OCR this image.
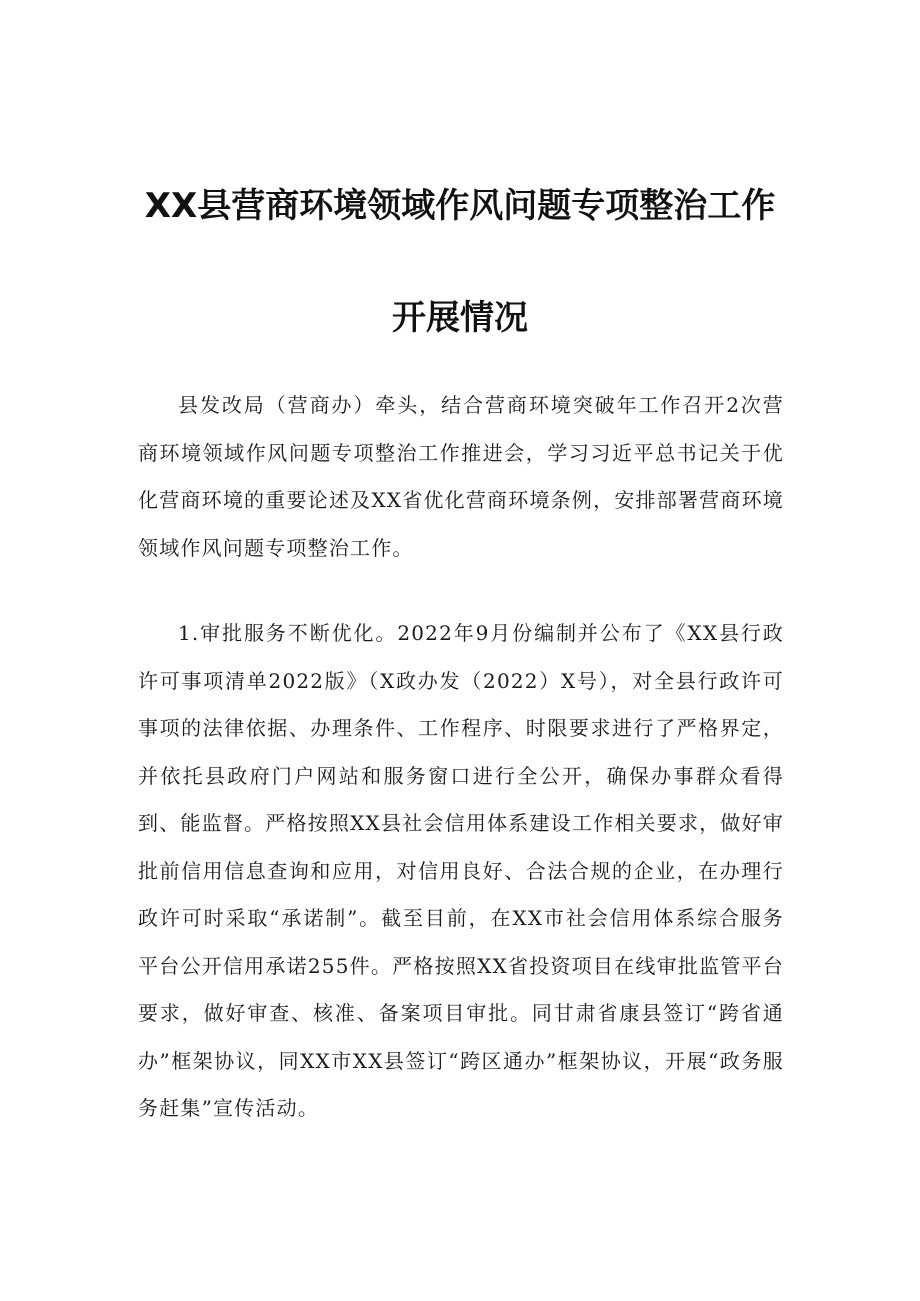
XX县营商环境领域作风问题专项整治工作
开展情况

县发改局（营商办）牵头，结合营商环境突破年工作召开2次营商环境领域作风问题专项整治工作推进会，学习习近平总书记关于优化营商环境的重要论述及XX省优化营商环境条例，安排部署营商环境领域作风问题专项整治工作。

1.审批服务不断优化。2022年9月份编制并公布了《XX县行政许可事项清单2022版》（X政办发（2022）X号），对全县行政许可事项的法律依据、办理条件、工作程序、时限要求进行了严格界定，并依托县政府门户网站和服务窗口进行全公开，确保办事群众看得到、能监督。严格按照XX县社会信用体系建设工作相关要求，做好审批前信用信息查询和应用，对信用良好、合法合规的企业，在办理行政许可时采取“承诺制”。截至目前，在XX市社会信用体系综合服务平台公开信用承诺255件。严格按照XX省投资项目在线审批监管平台要求，做好审查、核准、备案项目审批。同甘肃省康县签订“跨省通办”框架协议，同XX市XX县签订“跨区通办”框架协议，开展“政务服务赶集”宣传活动。
